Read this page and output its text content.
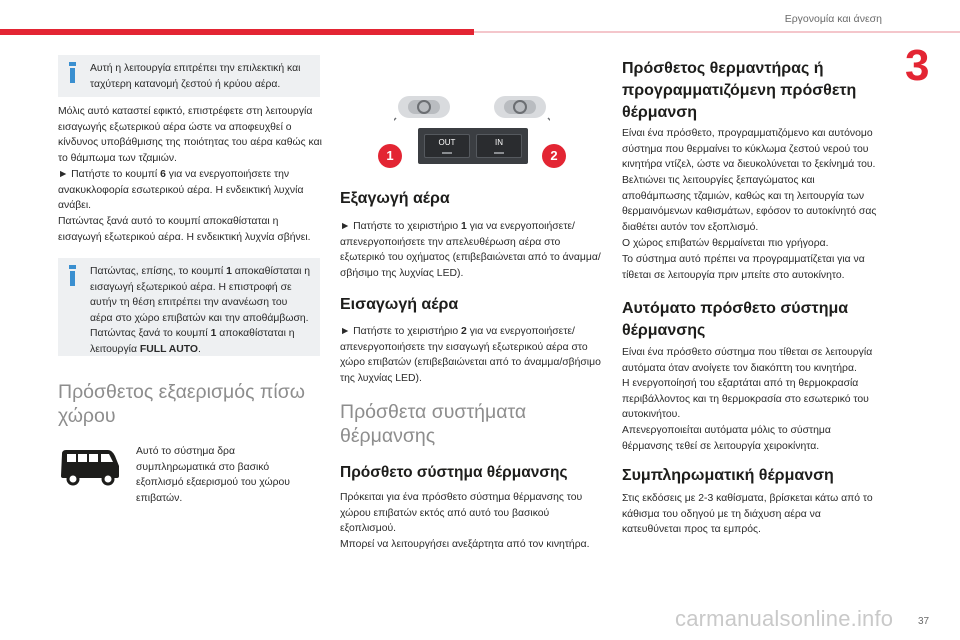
Εργονομία και άνεση
3
Αυτή η λειτουργία επιτρέπει την επιλεκτική και ταχύτερη κατανομή ζεστού ή κρύου αέρα.

Μόλις αυτό καταστεί εφικτό, επιστρέφετε στη λειτουργία εισαγωγής εξωτερικού αέρα ώστε να αποφευχθεί ο κίνδυνος υποβάθμισης της ποιότητας του αέρα καθώς και το θάμπωμα των τζαμιών.

► Πατήστε το κουμπί 6 για να ενεργοποιήσετε την ανακυκλοφορία εσωτερικού αέρα. Η ενδεικτική λυχνία ανάβει.

Πατώντας ξανά αυτό το κουμπί αποκαθίσταται η εισαγωγή εξωτερικού αέρα. Η ενδεικτική λυχνία σβήνει.

Πατώντας, επίσης, το κουμπί 1 αποκαθίσταται η εισαγωγή εξωτερικού αέρα. Η επιστροφή σε αυτήν τη θέση επιτρέπει την ανανέωση του αέρα στο χώρο επιβατών και την αποθάμβωση.
Πατώντας ξανά το κουμπί 1 αποκαθίσταται η λειτουργία FULL AUTO.
Πρόσθετος εξαερισμός πίσω χώρου

Αυτό το σύστημα δρα συμπληρωματικά στο βασικό εξοπλισμό εξαερισμού του χώρου επιβατών.

OUT	IN
1	2
Εξαγωγή αέρα

► Πατήστε το χειριστήριο 1 για να ενεργοποιήσετε/απενεργοποιήσετε την απελευθέρωση αέρα στο εξωτερικό του οχήματος (επιβεβαιώνεται από το άναμμα/σβήσιμο της λυχνίας LED).

Εισαγωγή αέρα

► Πατήστε το χειριστήριο 2 για να ενεργοποιήσετε/απενεργοποιήσετε την εισαγωγή εξωτερικού αέρα στο χώρο επιβατών (επιβεβαιώνεται από το άναμμα/σβήσιμο της λυχνίας LED).

Πρόσθετα συστήματα θέρμανσης
Πρόσθετο σύστημα θέρμανσης

Πρόκειται για ένα πρόσθετο σύστημα θέρμανσης του χώρου επιβατών εκτός από αυτό του βασικού εξοπλισμού.

Μπορεί να λειτουργήσει ανεξάρτητα από τον κινητήρα.

Πρόσθετος θερμαντήρας ή προγραμματιζόμενη πρόσθετη θέρμανση

Είναι ένα πρόσθετο, προγραμματιζόμενο και αυτόνομο σύστημα που θερμαίνει το κύκλωμα ζεστού νερού του κινητήρα ντίζελ, ώστε να διευκολύνεται το ξεκίνημά του.

Βελτιώνει τις λειτουργίες ξεπαγώματος και αποθάμπωσης τζαμιών, καθώς και τη λειτουργία των θερμαινόμενων καθισμάτων, εφόσον το αυτοκίνητό σας διαθέτει αυτόν τον εξοπλισμό.

Ο χώρος επιβατών θερμαίνεται πιο γρήγορα.

Το σύστημα αυτό πρέπει να προγραμματίζεται για να τίθεται σε λειτουργία πριν μπείτε στο αυτοκίνητο.

Αυτόματο πρόσθετο σύστημα θέρμανσης

Είναι ένα πρόσθετο σύστημα που τίθεται σε λειτουργία αυτόματα όταν ανοίγετε τον διακόπτη του κινητήρα.

Η ενεργοποίησή του εξαρτάται από τη θερμοκρασία περιβάλλοντος και τη θερμοκρασία στο εσωτερικό του αυτοκινήτου.

Απενεργοποιείται αυτόματα μόλις το σύστημα θέρμανσης τεθεί σε λειτουργία χειροκίνητα.

Συμπληρωματική θέρμανση

Στις εκδόσεις με 2-3 καθίσματα, βρίσκεται κάτω από το κάθισμα του οδηγού με τη διάχυση αέρα να κατευθύνεται προς τα εμπρός.

carmanualsonline.info 37
